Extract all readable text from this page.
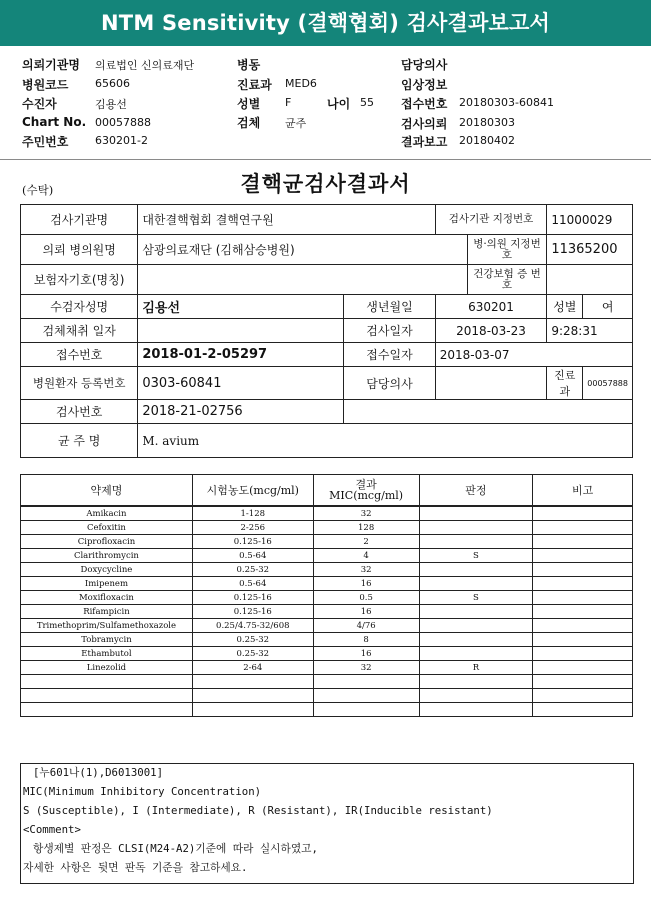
NTM Sensitivity (결핵협회) 검사결과보고서
의뢰기관명 의료법인 신의료재단
병원코드 65606
수진자	김용선
Chart No. 00057888
주민번호 630201-2
병동
진료과 MED6
성별 F	나이 55
검체 균주
담당의사
임상정보
접수번호 20180303-60841
검사의뢰 20180303
결과보고 20180402
(수탁)	결핵균검사결과서
검사기관명	대한결핵협회 결핵연구원		검사기관 지정번호		11000029	
의뢰 병의원명	삼광의료재단 (김해삼승병원)			병·의원 지정번호	11365200	
보험자기호(명칭)				건강보험 증 번호		
수검자성명	김용선	생년월일	630201		성별	여
검체채취 일자		검사일자	2018-03-23		9:28:31	
접수번호	2018-01-2-05297	접수일자	2018-03-07			
병원환자 등록번호	0303-60841	담당의사			진료과	00057888
검사번호	2018-21-02756					
균 주 명	M. avium					
약제명	시험농도(mcg/ml)	결과
MIC(mcg/ml)	판정	비고
Amikacin	1-128	32		
Cefoxitin	2-256	128		
Ciprofloxacin	0.125-16	2		
Clarithromycin	0.5-64	4	S	
Doxycycline	0.25-32	32		
Imipenem	0.5-64	16		
Moxifloxacin	0.125-16	0.5	S	
Rifampicin	0.125-16	16		
Trimethoprim/Sulfamethoxazole	0.25/4.75-32/608	4/76		
Tobramycin	0.25-32	8		
Ethambutol	0.25-32	16		
Linezolid	2-64	32	R	

[누601나(1),D6013001]
MIC(Minimum Inhibitory Concentration)
S (Susceptible), I (Intermediate), R (Resistant), IR(Inducible resistant)
<Comment>
항생제별 판정은 CLSI(M24-A2)기준에 따라 실시하였고,
자세한 사항은 뒷면 판독 기준을 참고하세요.
